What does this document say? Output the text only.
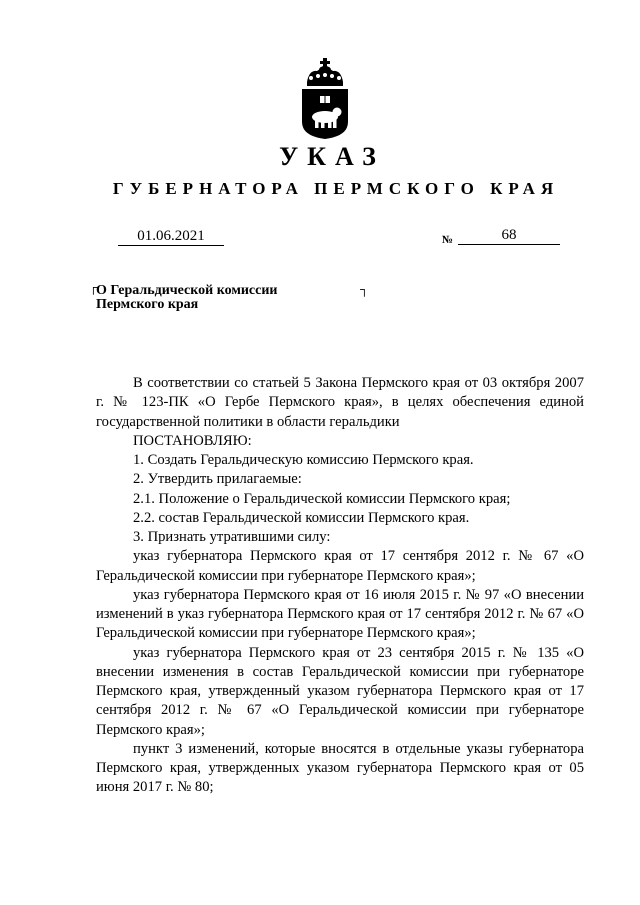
УКАЗ
ГУБЕРНАТОРА ПЕРМСКОГО КРАЯ
01.06.2021	№	68
┌	┐
О Геральдической комиссии
Пермского края

В соответствии со статьей 5 Закона Пермского края от 03 октября 2007 г. № 123-ПК «О Гербе Пермского края», в целях обеспечения единой государственной политики в области геральдики

ПОСТАНОВЛЯЮ:

1. Создать Геральдическую комиссию Пермского края.

2. Утвердить прилагаемые:

2.1. Положение о Геральдической комиссии Пермского края;

2.2. состав Геральдической комиссии Пермского края.

3. Признать утратившими силу:

указ губернатора Пермского края от 17 сентября 2012 г. № 67 «О Геральдической комиссии при губернаторе Пермского края»;

указ губернатора Пермского края от 16 июля 2015 г. № 97 «О внесении изменений в указ губернатора Пермского края от 17 сентября 2012 г. № 67 «О Геральдической комиссии при губернаторе Пермского края»;

указ губернатора Пермского края от 23 сентября 2015 г. № 135 «О внесении изменения в состав Геральдической комиссии при губернаторе Пермского края, утвержденный указом губернатора Пермского края от 17 сентября 2012 г. № 67 «О Геральдической комиссии при губернаторе Пермского края»;

пункт 3 изменений, которые вносятся в отдельные указы губернатора Пермского края, утвержденных указом губернатора Пермского края от 05 июня 2017 г. № 80;
